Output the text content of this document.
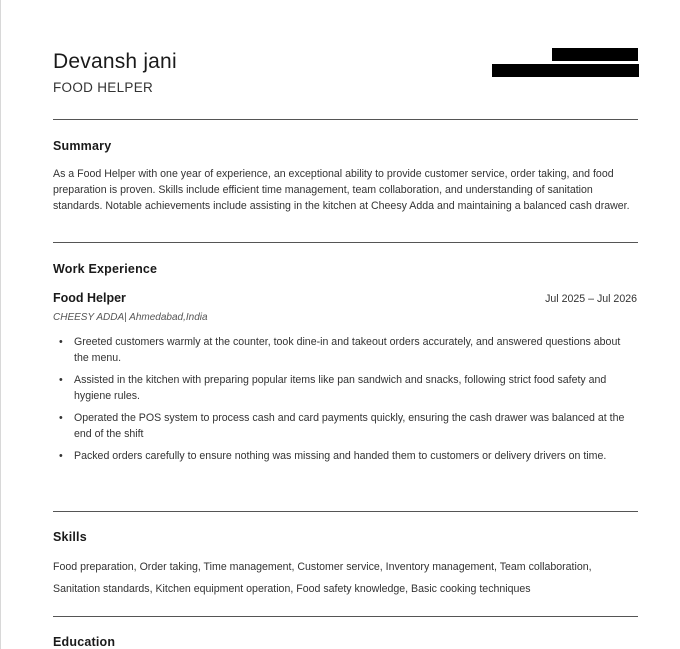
Devansh jani
FOOD HELPER
Summary
As a Food Helper with one year of experience, an exceptional ability to provide customer service, order taking, and food preparation is proven. Skills include efficient time management, team collaboration, and understanding of sanitation standards. Notable achievements include assisting in the kitchen at Cheesy Adda and maintaining a balanced cash drawer.
Work Experience
Food Helper	Jul 2025 – Jul 2026
CHEESY ADDA| Ahmedabad,India
• Greeted customers warmly at the counter, took dine-in and takeout orders accurately, and answered questions about the menu.
• Assisted in the kitchen with preparing popular items like pan sandwich and snacks, following strict food safety and hygiene rules.
• Operated the POS system to process cash and card payments quickly, ensuring the cash drawer was balanced at the end of the shift
• Packed orders carefully to ensure nothing was missing and handed them to customers or delivery drivers on time.
Skills
Food preparation, Order taking, Time management, Customer service, Inventory management, Team collaboration, Sanitation standards, Kitchen equipment operation, Food safety knowledge, Basic cooking techniques
Education
